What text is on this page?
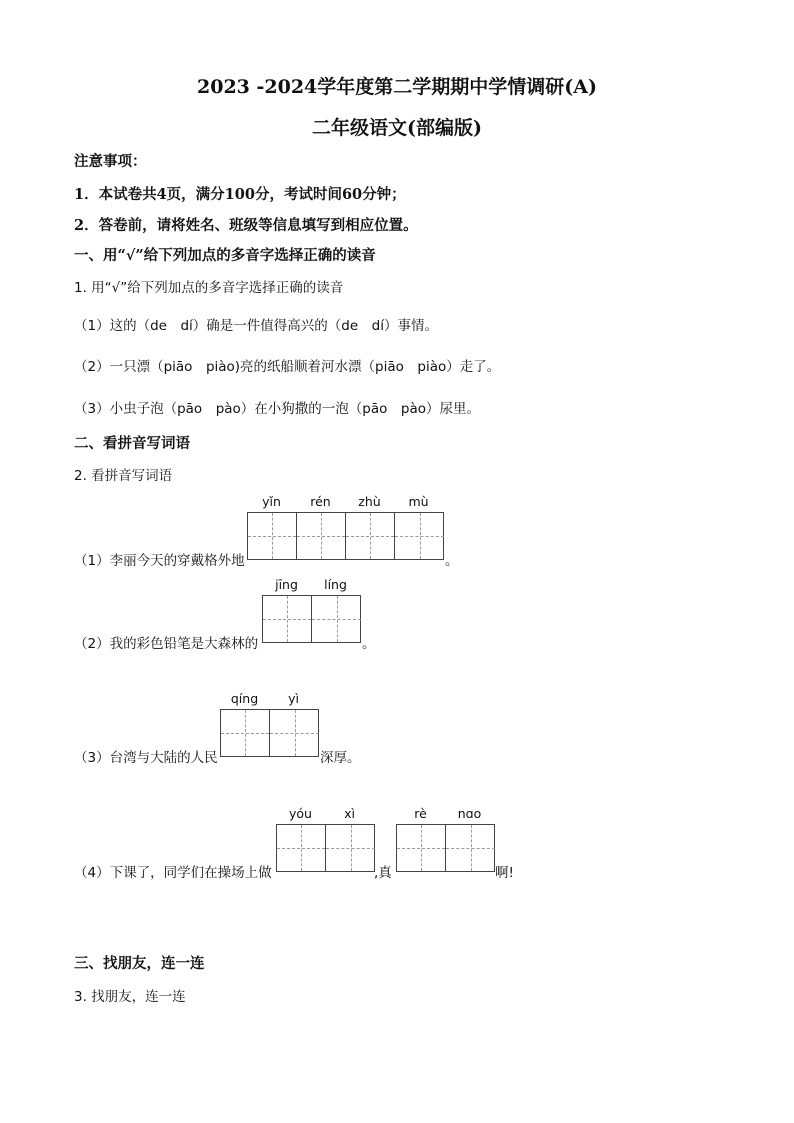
2023 -2024学年度第二学期期中学情调研(A)
二年级语文(部编版)
注意事项：
1．本试卷共4页，满分100分，考试时间60分钟；
2．答卷前，请将姓名、班级等信息填写到相应位置。
一、用“√”给下列加点的多音字选择正确的读音
1. 用“√”给下列加点的多音字选择正确的读音
（1）这的（de　dí）确是一件值得高兴的（de　dí）事情。
（2）一只漂（piāo　piào)亮的纸船顺着河水漂（piāo　piào）走了。
（3）小虫子泡（pāo　pào）在小狗撒的一泡（pāo　pào）尿里。
二、看拼音写词语
2. 看拼音写词语
yǐn	rén	zhù	mù
（1）李丽今天的穿戴格外地	。
jīng	líng
（2）我的彩色铅笔是大森林的	。
qíng	yì
（3）台湾与大陆的人民	深厚。
yóu	xì	rè	nɑo
（4）下课了，同学们在操场上做	,真	啊!
三、找朋友，连一连
3. 找朋友，连一连
